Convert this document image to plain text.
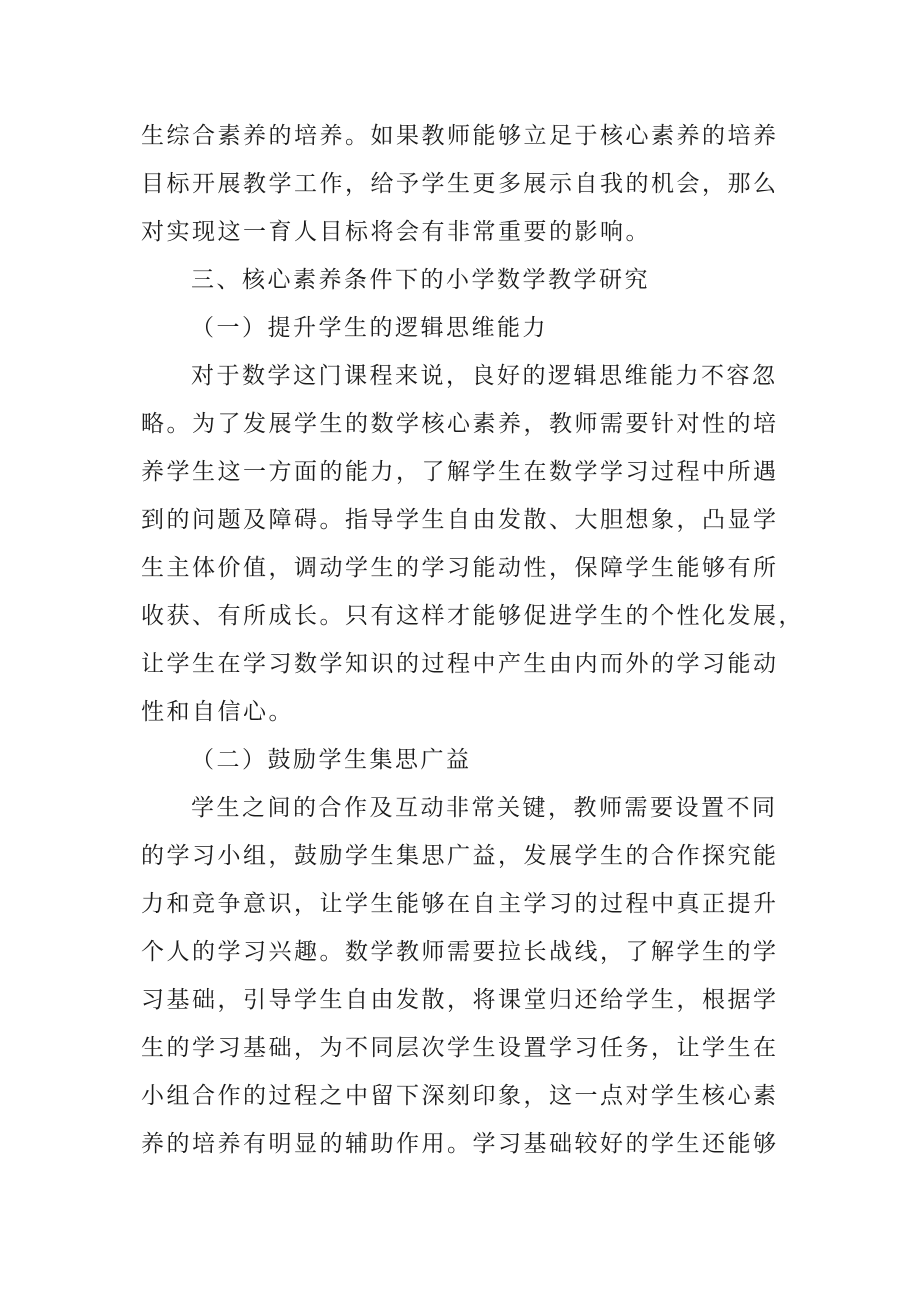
生综合素养的培养。如果教师能够立足于核心素养的培养
目标开展教学工作，给予学生更多展示自我的机会，那么
对实现这一育人目标将会有非常重要的影响。
三、核心素养条件下的小学数学教学研究
（一）提升学生的逻辑思维能力
对于数学这门课程来说，良好的逻辑思维能力不容忽
略。为了发展学生的数学核心素养，教师需要针对性的培
养学生这一方面的能力，了解学生在数学学习过程中所遇
到的问题及障碍。指导学生自由发散、大胆想象，凸显学
生主体价值，调动学生的学习能动性，保障学生能够有所
收获、有所成长。只有这样才能够促进学生的个性化发展，
让学生在学习数学知识的过程中产生由内而外的学习能动
性和自信心。
（二）鼓励学生集思广益
学生之间的合作及互动非常关键，教师需要设置不同
的学习小组，鼓励学生集思广益，发展学生的合作探究能
力和竞争意识，让学生能够在自主学习的过程中真正提升
个人的学习兴趣。数学教师需要拉长战线，了解学生的学
习基础，引导学生自由发散，将课堂归还给学生，根据学
生的学习基础，为不同层次学生设置学习任务，让学生在
小组合作的过程之中留下深刻印象，这一点对学生核心素
养的培养有明显的辅助作用。学习基础较好的学生还能够
